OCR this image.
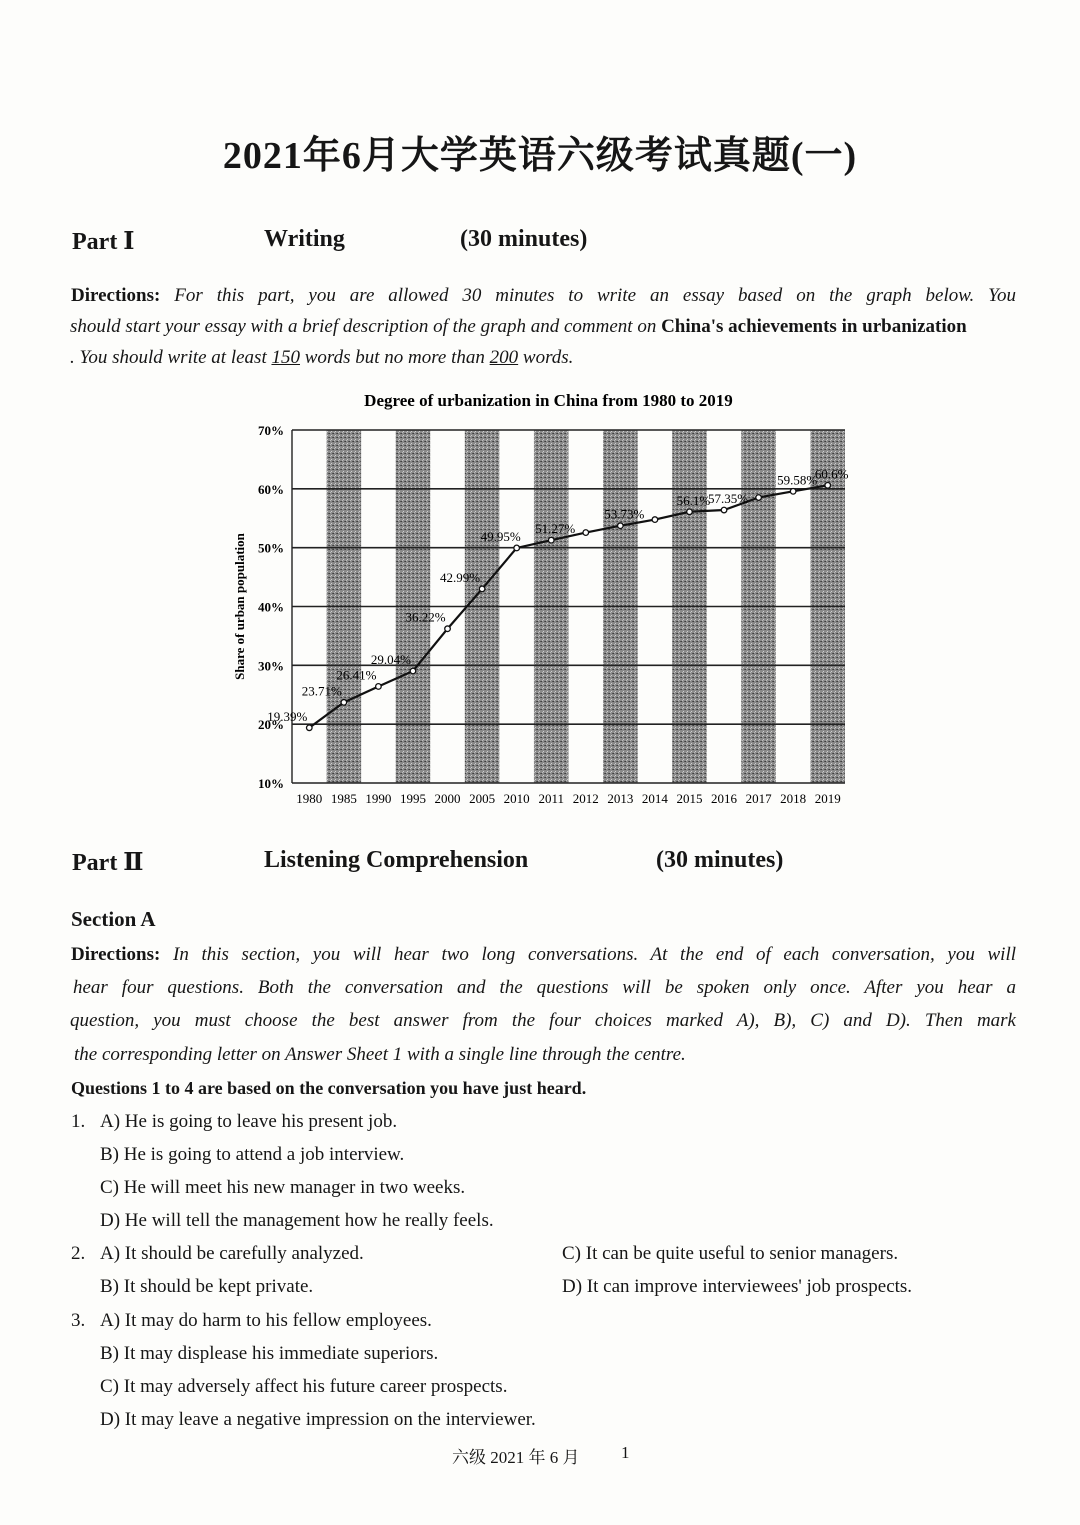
2021年6月大学英语六级考试真题(一)
Part Ⅰ	Writing	(30 minutes)
Directions: For this part, you are allowed 30 minutes to write an essay based on the graph below. You
should start your essay with a brief description of the graph and comment on China's achievements in urbanization
. You should write at least 150 words but no more than 200 words.
Degree of urbanization in China from 1980 to 2019
1980 1985 1990 1995 2000 2005 2010 2011 2012 2013 2014 2015 2016 2017 2018 2019
10%
20%
30%
40%
50%
60%
70%
Share of urban population
19.39%
23.71%
26.41%
29.04%
36.22%
42.99%
49.95%
51.27%
53.73%
56.1%
57.35%
59.58%
60.6%
Part Ⅱ	Listening Comprehension	(30 minutes)
Section A
Directions: In this section, you will hear two long conversations. At the end of each conversation, you will
hear four questions. Both the conversation and the questions will be spoken only once. After you hear a
question, you must choose the best answer from the four choices marked A), B), C) and D). Then mark
the corresponding letter on Answer Sheet 1 with a single line through the centre.
Questions 1 to 4 are based on the conversation you have just heard.
1. A) He is going to leave his present job.
B) He is going to attend a job interview.
C) He will meet his new manager in two weeks.
D) He will tell the management how he really feels.
2. A) It should be carefully analyzed.
B) It should be kept private.
C) It can be quite useful to senior managers.
D) It can improve interviewees' job prospects.
3. A) It may do harm to his fellow employees.
B) It may displease his immediate superiors.
C) It may adversely affect his future career prospects.
D) It may leave a negative impression on the interviewer.
六级 2021 年 6 月 1
